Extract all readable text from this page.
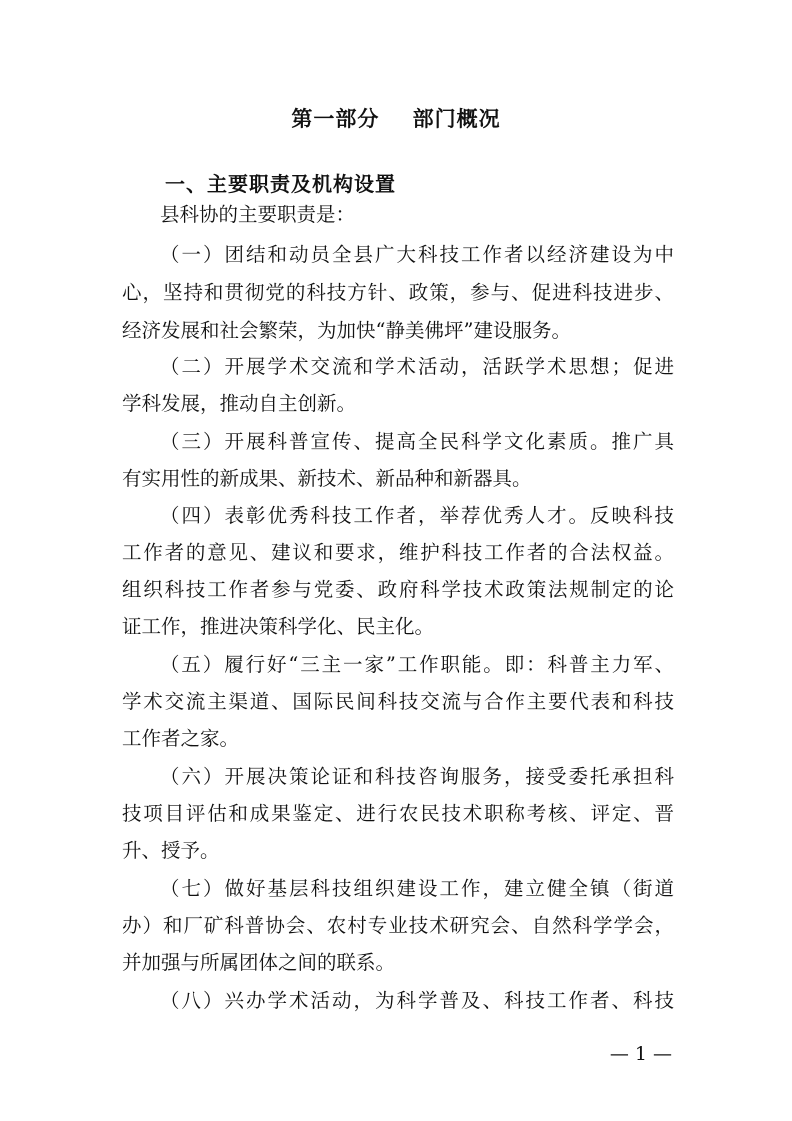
第一部分    部门概况
一、主要职责及机构设置
县科协的主要职责是：
（一）团结和动员全县广大科技工作者以经济建设为中
心，坚持和贯彻党的科技方针、政策，参与、促进科技进步、
经济发展和社会繁荣，为加快“静美佛坪”建设服务。
（二）开展学术交流和学术活动，活跃学术思想；促进
学科发展，推动自主创新。
（三）开展科普宣传、提高全民科学文化素质。推广具
有实用性的新成果、新技术、新品种和新器具。
（四）表彰优秀科技工作者，举荐优秀人才。反映科技
工作者的意见、建议和要求，维护科技工作者的合法权益。
组织科技工作者参与党委、政府科学技术政策法规制定的论
证工作，推进决策科学化、民主化。
（五）履行好“三主一家”工作职能。即：科普主力军、
学术交流主渠道、国际民间科技交流与合作主要代表和科技
工作者之家。
（六）开展决策论证和科技咨询服务，接受委托承担科
技项目评估和成果鉴定、进行农民技术职称考核、评定、晋
升、授予。
（七）做好基层科技组织建设工作，建立健全镇（街道
办）和厂矿科普协会、农村专业技术研究会、自然科学学会，
并加强与所属团体之间的联系。
（八）兴办学术活动，为科学普及、科技工作者、科技
— 1 —
